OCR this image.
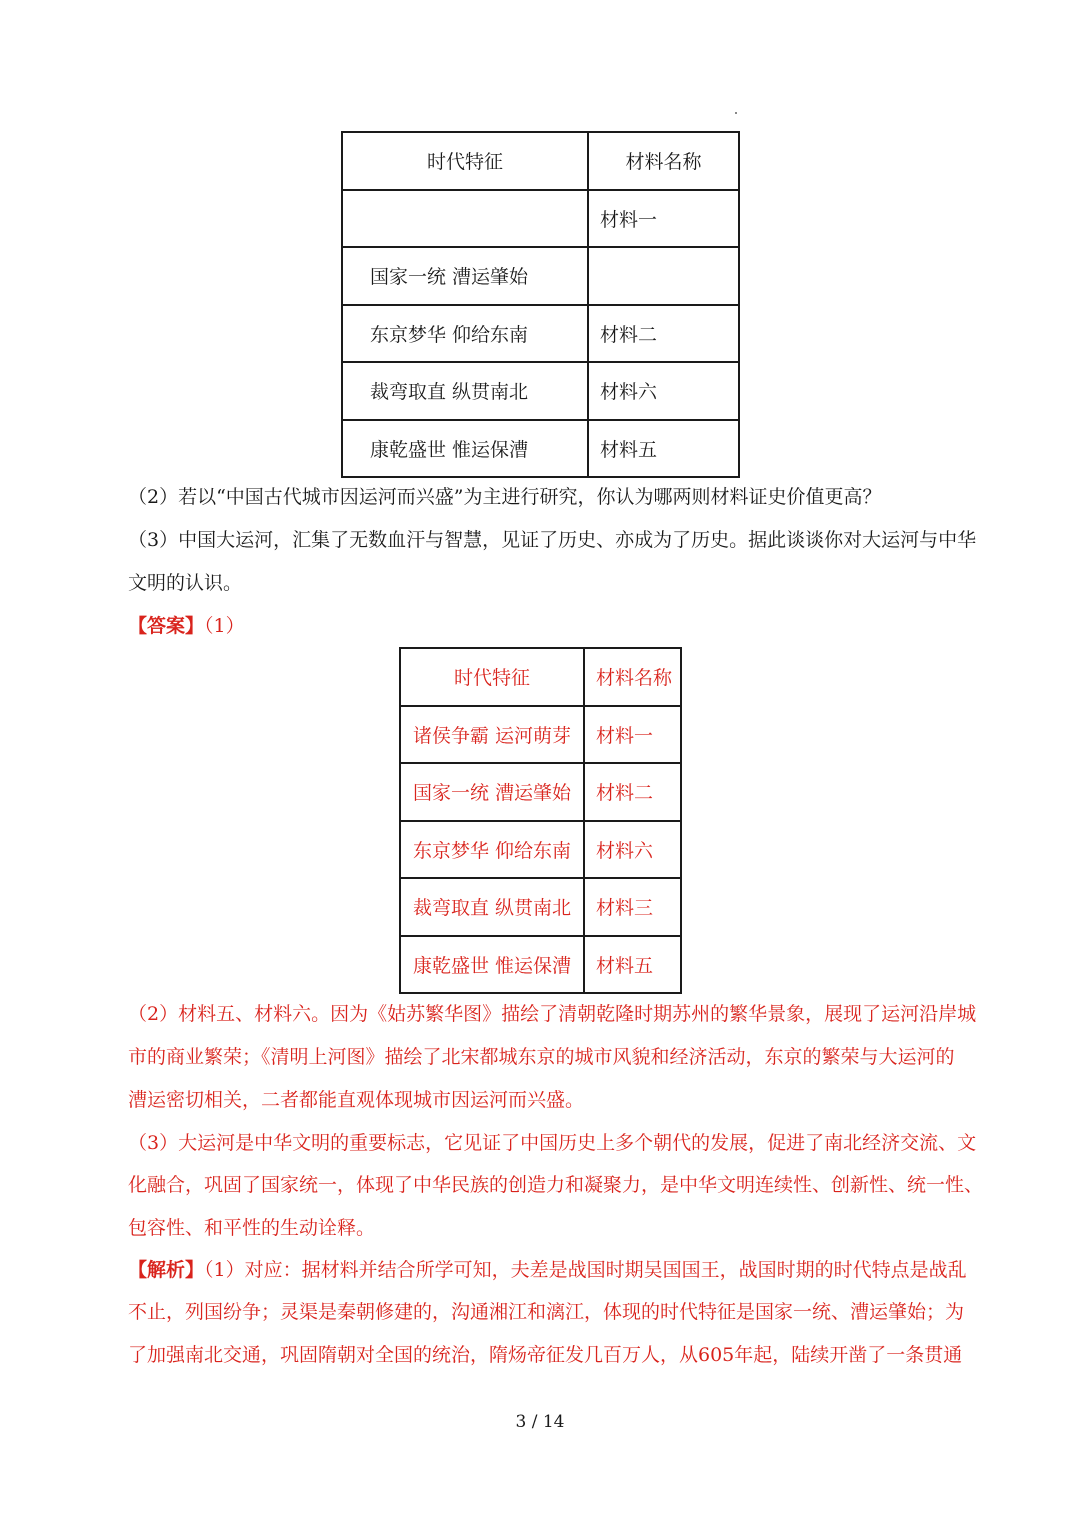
时代特征	材料名称
	材料一
国家一统 漕运肇始	
东京梦华 仰给东南	材料二
裁弯取直 纵贯南北	材料六
康乾盛世 惟运保漕	材料五
（2）若以“中国古代城市因运河而兴盛”为主进行研究，你认为哪两则材料证史价值更高？
（3）中国大运河，汇集了无数血汗与智慧，见证了历史、亦成为了历史。据此谈谈你对大运河与中华
文明的认识。
【答案】（1）
时代特征	材料名称
诸侯争霸 运河萌芽	材料一
国家一统 漕运肇始	材料二
东京梦华 仰给东南	材料六
裁弯取直 纵贯南北	材料三
康乾盛世 惟运保漕	材料五
（2）材料五、材料六。因为《姑苏繁华图》描绘了清朝乾隆时期苏州的繁华景象，展现了运河沿岸城
市的商业繁荣；《清明上河图》描绘了北宋都城东京的城市风貌和经济活动，东京的繁荣与大运河的
漕运密切相关，二者都能直观体现城市因运河而兴盛。
（3）大运河是中华文明的重要标志，它见证了中国历史上多个朝代的发展，促进了南北经济交流、文
化融合，巩固了国家统一，体现了中华民族的创造力和凝聚力，是中华文明连续性、创新性、统一性、
包容性、和平性的生动诠释。
【解析】（1）对应：据材料并结合所学可知，夫差是战国时期吴国国王，战国时期的时代特点是战乱
不止，列国纷争；灵渠是秦朝修建的，沟通湘江和漓江，体现的时代特征是国家一统、漕运肇始；为
了加强南北交通，巩固隋朝对全国的统治，隋炀帝征发几百万人，从605年起，陆续开凿了一条贯通
3 / 14
